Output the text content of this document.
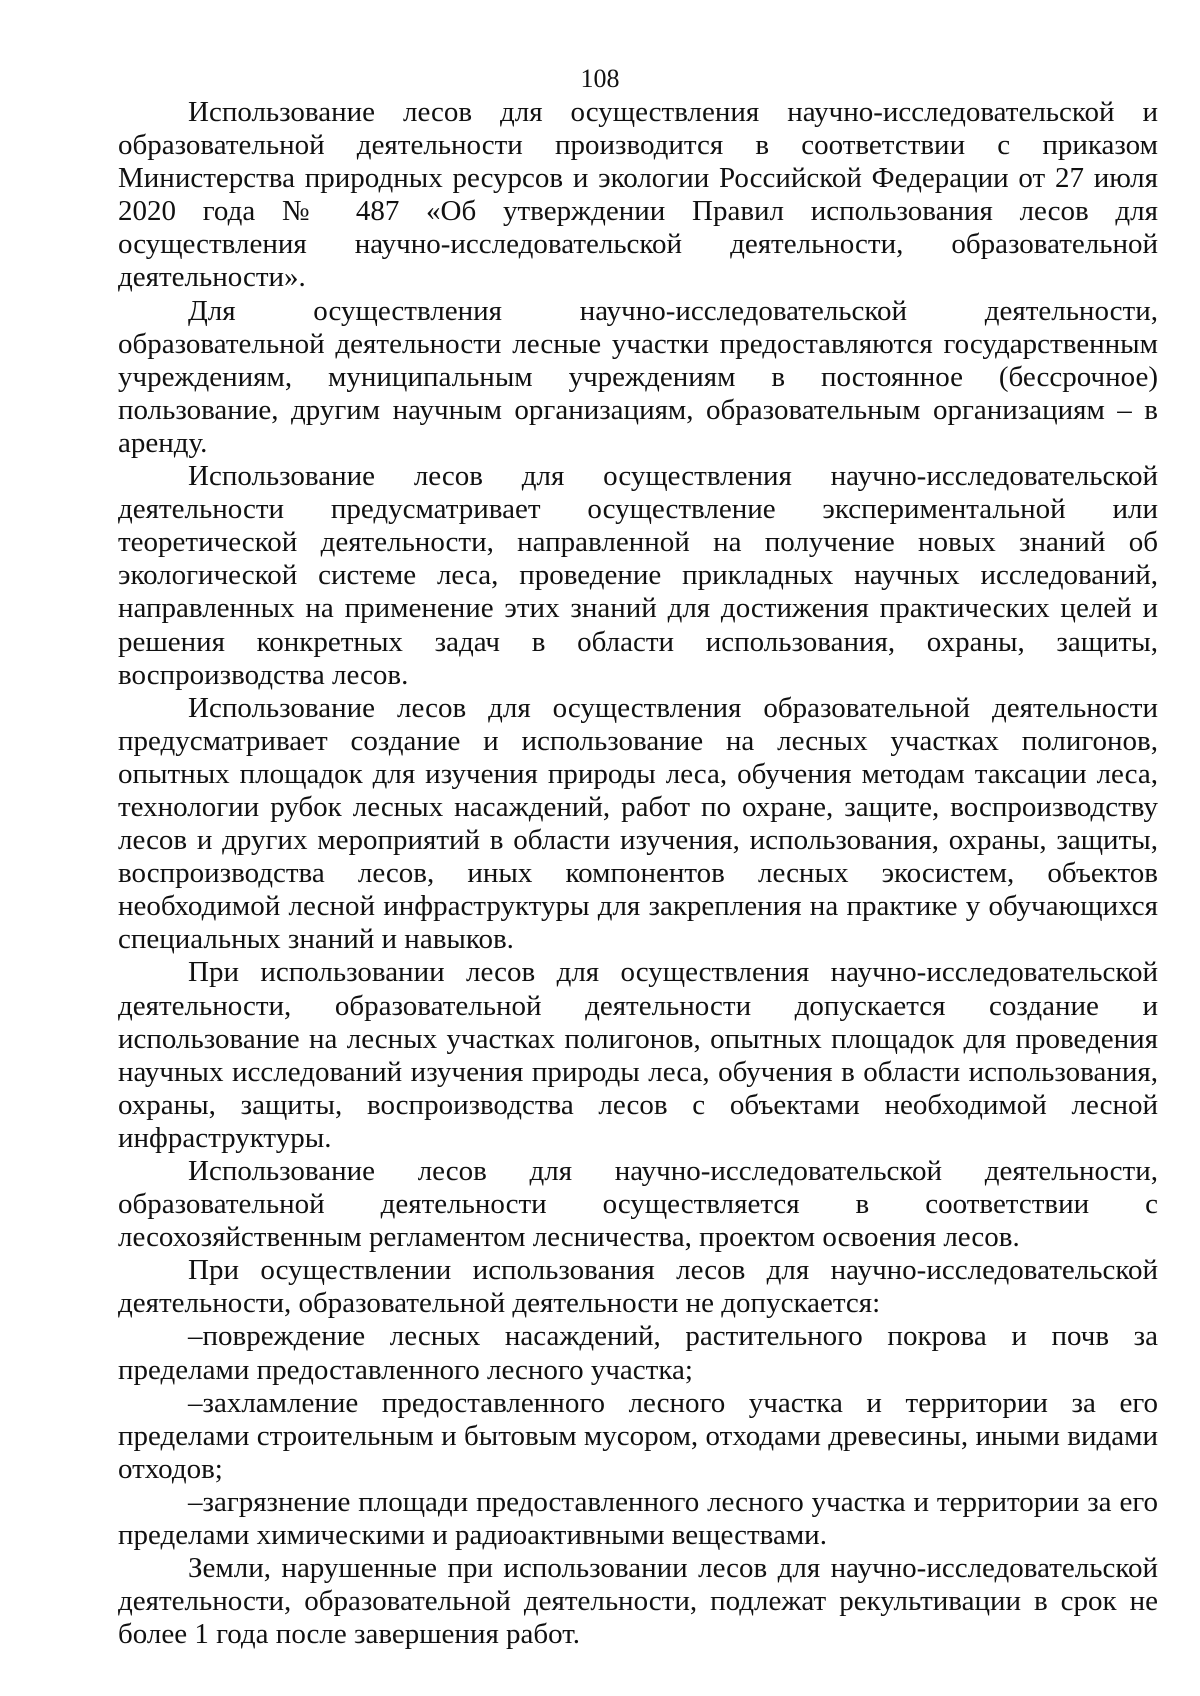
108

Использование лесов для осуществления научно-исследовательской и образовательной деятельности производится в соответствии с приказом Министерства природных ресурсов и экологии Российской Федерации от 27 июля 2020 года № 487 «Об утверждении Правил использования лесов для осуществления научно-исследовательской деятельности, образовательной деятельности».

Для осуществления научно-исследовательской деятельности, образовательной деятельности лесные участки предоставляются государственным учреждениям, муниципальным учреждениям в постоянное (бессрочное) пользование, другим научным организациям, образовательным организациям – в аренду.

Использование лесов для осуществления научно-исследовательской деятельности предусматривает осуществление экспериментальной или теоретической деятельности, направленной на получение новых знаний об экологической системе леса, проведение прикладных научных исследований, направленных на применение этих знаний для достижения практических целей и решения конкретных задач в области использования, охраны, защиты, воспроизводства лесов.

Использование лесов для осуществления образовательной деятельности предусматривает создание и использование на лесных участках полигонов, опытных площадок для изучения природы леса, обучения методам таксации леса, технологии рубок лесных насаждений, работ по охране, защите, воспроизводству лесов и других мероприятий в области изучения, использования, охраны, защиты, воспроизводства лесов, иных компонентов лесных экосистем, объектов необходимой лесной инфраструктуры для закрепления на практике у обучающихся специальных знаний и навыков.

При использовании лесов для осуществления научно-исследовательской деятельности, образовательной деятельности допускается создание и использование на лесных участках полигонов, опытных площадок для проведения научных исследований изучения природы леса, обучения в области использования, охраны, защиты, воспроизводства лесов с объектами необходимой лесной инфраструктуры.

Использование лесов для научно-исследовательской деятельности, образовательной деятельности осуществляется в соответствии с лесохозяйственным регламентом лесничества, проектом освоения лесов.

При осуществлении использования лесов для научно-исследовательской деятельности, образовательной деятельности не допускается:

–повреждение лесных насаждений, растительного покрова и почв за пределами предоставленного лесного участка;

–захламление предоставленного лесного участка и территории за его пределами строительным и бытовым мусором, отходами древесины, иными видами отходов;

–загрязнение площади предоставленного лесного участка и территории за его пределами химическими и радиоактивными веществами.

Земли, нарушенные при использовании лесов для научно-исследовательской деятельности, образовательной деятельности, подлежат рекультивации в срок не более 1 года после завершения работ.
